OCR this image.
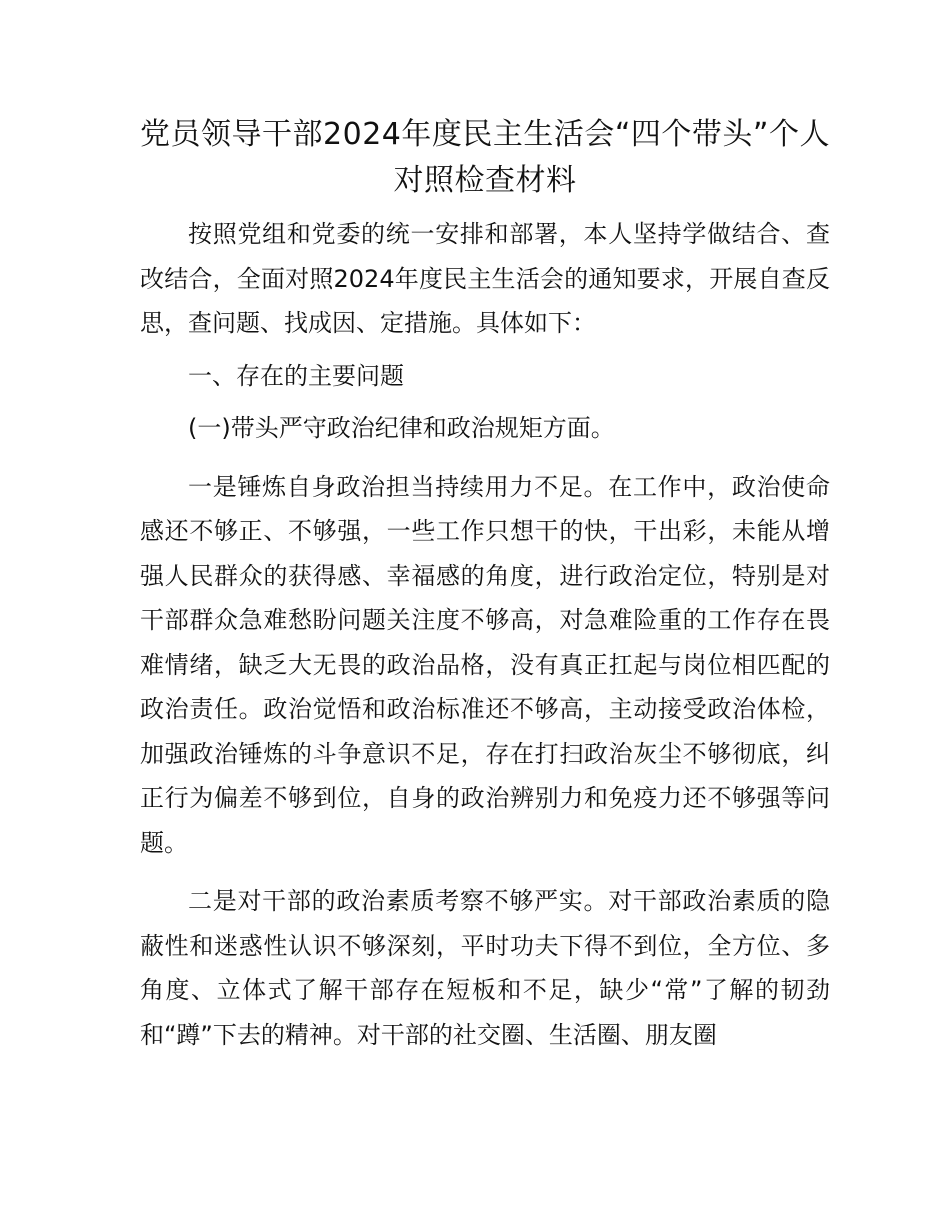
党员领导干部2024年度民主生活会“四个带头”个人对照检查材料

按照党组和党委的统一安排和部署，本人坚持学做结合、查改结合，全面对照2024年度民主生活会的通知要求，开展自查反思，查问题、找成因、定措施。具体如下：

一、存在的主要问题

(一)带头严守政治纪律和政治规矩方面。

一是锤炼自身政治担当持续用力不足。在工作中，政治使命感还不够正、不够强，一些工作只想干的快，干出彩，未能从增强人民群众的获得感、幸福感的角度，进行政治定位，特别是对干部群众急难愁盼问题关注度不够高，对急难险重的工作存在畏难情绪，缺乏大无畏的政治品格，没有真正扛起与岗位相匹配的政治责任。政治觉悟和政治标准还不够高，主动接受政治体检，加强政治锤炼的斗争意识不足，存在打扫政治灰尘不够彻底，纠正行为偏差不够到位，自身的政治辨别力和免疫力还不够强等问题。

二是对干部的政治素质考察不够严实。对干部政治素质的隐蔽性和迷惑性认识不够深刻，平时功夫下得不到位，全方位、多角度、立体式了解干部存在短板和不足，缺少“常”了解的韧劲和“蹲”下去的精神。对干部的社交圈、生活圈、朋友圈
